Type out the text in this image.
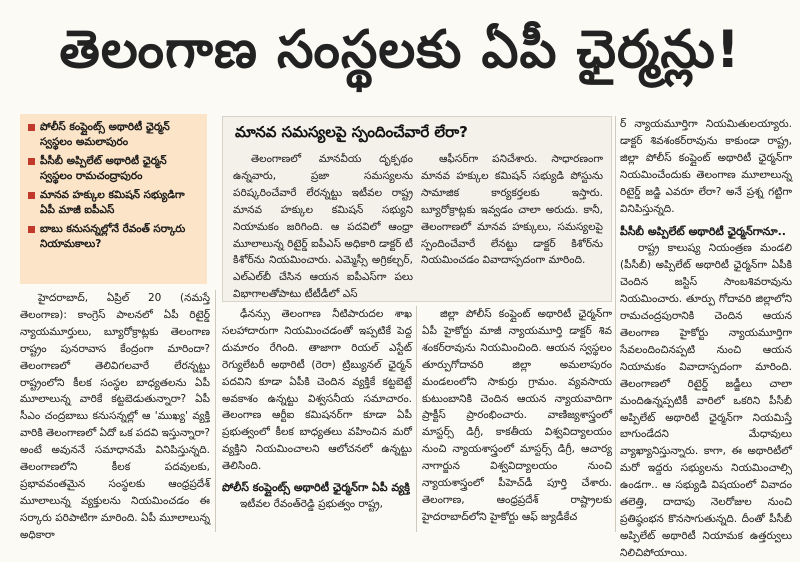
తెలంగాణ సంస్థలకు ఏపీ ఛైర్మన్లు!
పోలీస్ కంప్లైంట్స్ అథారిటీ ఛైర్మన్ స్వస్థలం అమలాపురం
పీసీబీ అప్పిలేట్ అథారిటీ ఛైర్మన్ స్వస్థలం రామచంద్రాపురం
మానవ హక్కుల కమిషన్ సభ్యుడిగా ఏపీ మాజీ ఐపీఎస్
బాబు కనుసన్నల్లోనే రేవంత్ సర్కారు నియామకాలు?

హైదరాబాద్, ఏప్రిల్ 20 (నమస్తే తెలంగాణ): కాంగ్రెస్ పాలనలో ఏపీ రిటైర్డ్ న్యాయమూర్తులు, బ్యూరోక్రాట్లకు తెలంగాణ రాష్ట్రం పునరావాస కేంద్రంగా మారిందా? తెలంగాణలో తెలివిగలవారే లేరన్నట్టు రాష్ట్రంలోని కీలక సంస్థల బాధ్యతలను ఏపీ మూలాలున్న వారికే కట్టబెడుతున్నారా? ఏపీ సీఎం చంద్రబాబు కనుసన్నల్లో ఆ 'ముఖ్య' వ్యక్తి వారికి తెలంగాణలో ఏదో ఒక పదవి ఇస్తున్నారా? అంటే అవుననే సమాధానమే వినిపిస్తున్నది. తెలంగాణలోని కీలక పదవులకు, ప్రభావవంతమైన సంస్థలకు ఆంధ్రప్రదేశ్ మూలాలున్న వ్యక్తులను నియమించడం ఈ సర్కారు పరిపాటిగా మారింది. ఏపీ మూలాలున్న అధికారా

మానవ సమస్యలపై స్పందించేవారే లేరా?

తెలంగాణలో మానవీయ దృక్పథం ఉన్నవారు, ప్రజా సమస్యలను పరిష్కరించేవారే లేరన్నట్టు ఇటీవల రాష్ట్ర మానవ హక్కుల కమిషన్ సభ్యుని నియామకం జరిగింది. ఆ పదవిలో ఆంధ్రా మూలాలున్న రిటైర్డ్ ఐపీఎస్ అధికారి డాక్టర్ టీ కిశోర్‌ను నియమించారు. ఎమ్మెస్సీ అగ్రికల్చర్, ఎల్ఎల్‌బీ చేసిన ఆయన ఐపీఎస్‌గా పలు విభాగాలతోపాటు టీటీడీలో ఎస్

ఆఫీసర్‌గా పనిచేశారు. సాధారణంగా మానవ హక్కుల కమిషన్ సభ్యుడి పోస్టును సామాజిక కార్యకర్తలకు ఇస్తారు. బ్యూరోక్రాట్లకు ఇవ్వడం చాలా అరుదు. కానీ, తెలంగాణలో మానవ హక్కులు, సమస్యలపై స్పందించేవారే లేనట్టు డాక్టర్ కిశోర్‌ను నియమించడం వివాదాస్పదంగా మారింది.

ఢీనన్సు తెలంగాణ నీటిపారుదల శాఖ సలహాదారుగా నియమించడంతో ఇప్పటికే పెద్ద దుమారం రేగింది. తాజాగా రియల్ ఎస్టేట్ రెగ్యులేటరీ అథారిటీ (రెరా) ట్రిబ్యునల్ ఛైర్మన్ పదవిని కూడా ఏపీకి చెందిన వ్యక్తికే కట్టబెట్టే అవకాశం ఉన్నట్టు విశ్వసనీయ సమాచారం. తెలంగాణ ఆర్టీఐ కమిషనర్‌గా కూడా ఏపీ ప్రభుత్వంలో కీలక బాధ్యతలు వహించిన మరో వ్యక్తిని నియమించాలని ఆలోచనలో ఉన్నట్టు తెలిసింది.

పోలీస్ కంప్లైంట్స్ అథారిటీ ఛైర్మన్‌గా ఏపీ వ్యక్తి

ఇటీవల రేవంత్‌రెడ్డి ప్రభుత్వం రాష్ట్ర,

జిల్లా పోలీస్ కంప్లైంట్ అథారిటీ ఛైర్మన్‌గా ఏపీ హైకోర్టు మాజీ న్యాయమూర్తి డాక్టర్ శివ శంకర్‌రావును నియమించింది. ఆయన స్వస్థలం తూర్పుగోదావరి జిల్లా అమలాపురం మండలంలోని సాకుర్రు గ్రామం. వ్యవసాయ కుటుంబానికి చెందిన ఆయన న్యాయవాదిగా ప్రాక్టీస్ ప్రారంభించారు. వాణిజ్యశాస్త్రంలో మాస్టర్స్ డిగ్రీ, కాకతీయ విశ్వవిద్యాలయం నుంచి న్యాయశాస్త్రంలో మాస్టర్స్ డిగ్రీ, ఆచార్య నాగార్జున విశ్వవిద్యాలయం నుంచి న్యాయశాస్త్రంలో పీహెచ్‌డీ పూర్తి చేశారు. తెలంగాణ, ఆంధ్రప్రదేశ్ రాష్ట్రాలకు హైదరాబాద్‌లోని హైకోర్టు ఆఫ్ జ్యుడీకేచ

ర్ న్యాయమూర్తిగా నియమితులయ్యారు. డాక్టర్ శివశంకర్‌రావును కాకుండా రాష్ట్ర, జిల్లా పోలీస్ కంప్లైంట్ అథారిటీ ఛైర్మన్‌గా నియమించేందుకు తెలంగాణ మూలాలున్న రిటైర్డ్ జడ్జి ఎవరూ లేరా? అనే ప్రశ్న గట్టిగా వినిపిస్తున్నది.

పీసీబీ అప్పిలేట్ అథారిటీ ఛైర్మన్‌గానూ..

రాష్ట్ర కాలుష్య నియంత్రణ మండలి (పీసీబీ) అప్పిలేట్ అథారిటీ ఛైర్మన్‌గా ఏపీకి చెందిన జస్టిస్ సాంబశివరావును నియమించారు. తూర్పు గోదావరి జిల్లాలోని రామచంద్రపురానికి చెందిన ఆయన తెలంగాణ హైకోర్టు న్యాయమూర్తిగా సేవలందించినప్పటి నుంచి ఆయన నియామకం వివాదాస్పదంగా మారింది. తెలంగాణలో రిటైర్డ్ జడ్జీలు చాలా మందిఉన్నప్పటికీ వారిలో ఒకరిని పీసీబీ అప్పిలేట్ అథారిటీ ఛైర్మన్‌గా నియమిస్తే బాగుండేదని మేధావులు వ్యాఖ్యానిస్తున్నారు. కాగా, ఈ అథారిటీలో మరో ఇద్దరు సభ్యులను నియమించాల్సి ఉండగా.. ఆ సభ్యుడి విషయంలో వివాదం తలెత్తి, దాదాపు నెలరోజుల నుంచి ప్రతిష్ఠంభన కొనసాగుతున్నది. దీంతో పీసీబీ అప్పిలేట్ అథారిటీ నియామక ఉత్తర్వులు నిలిచిపోయాయి.
